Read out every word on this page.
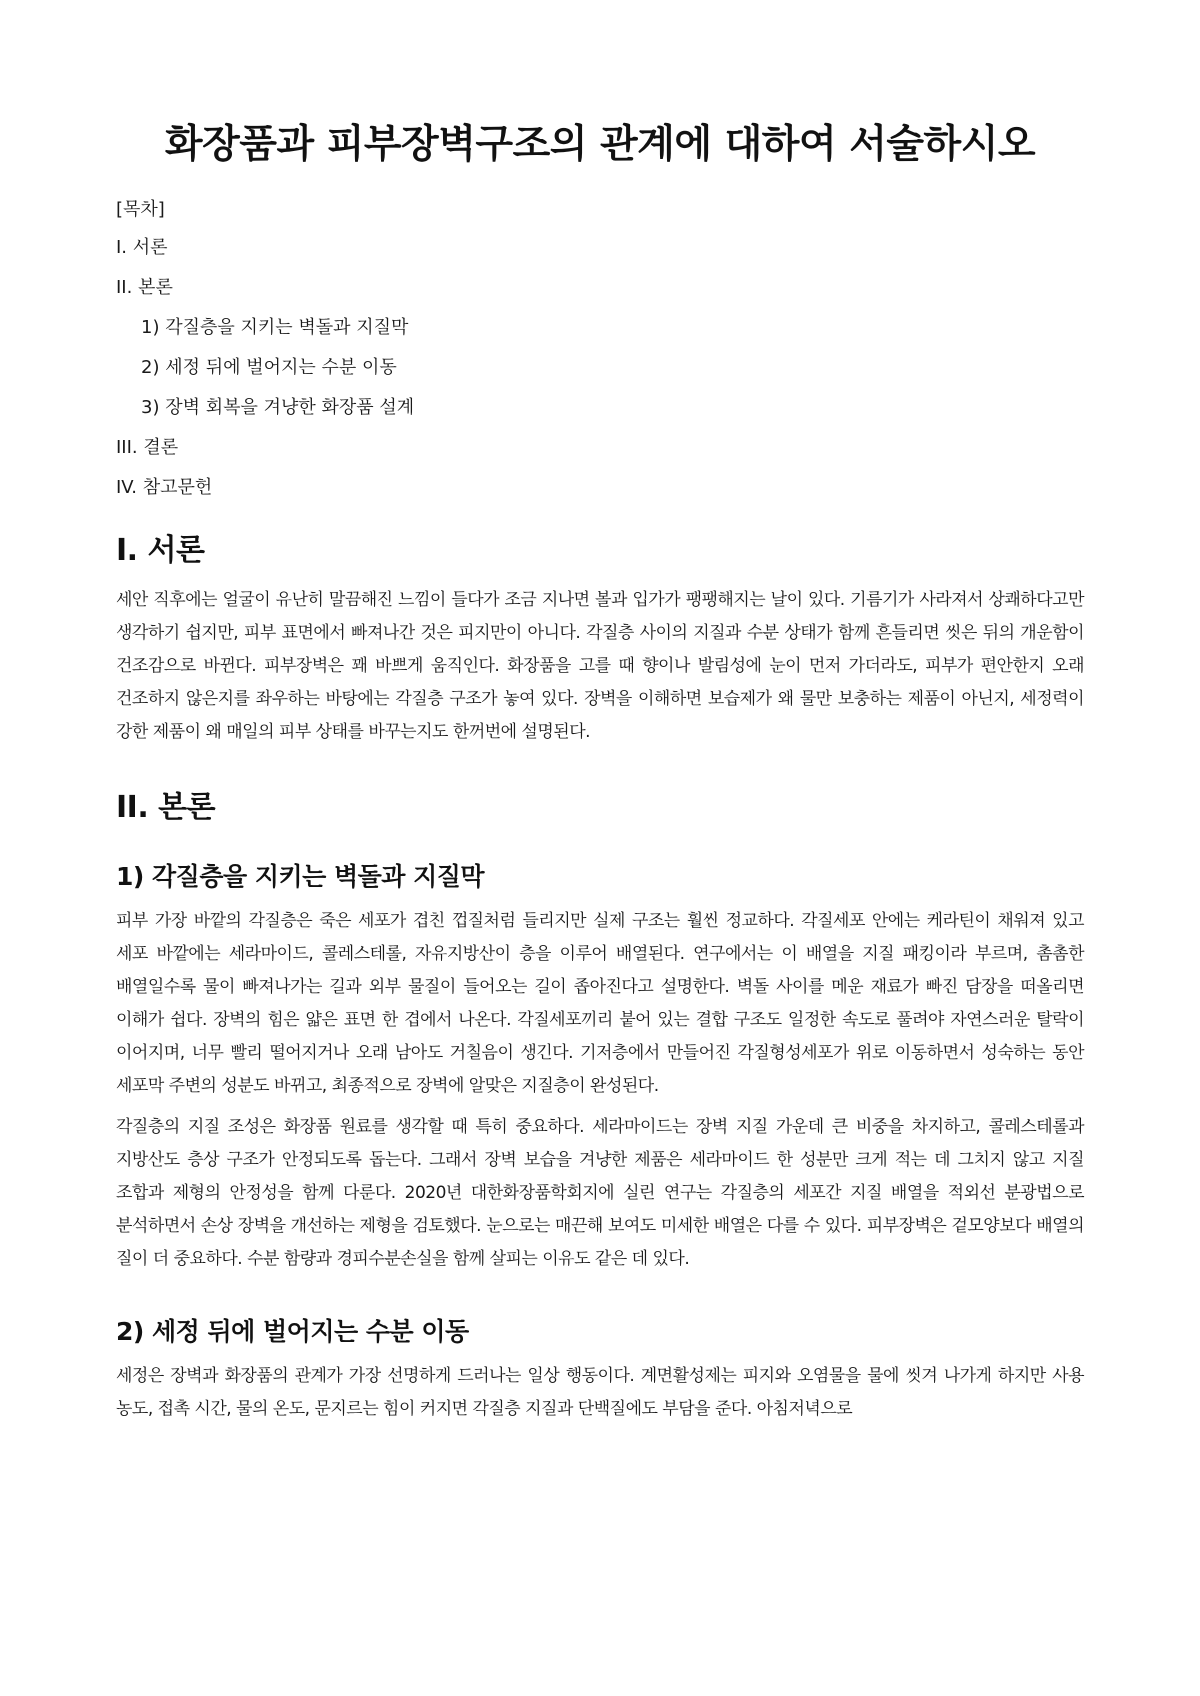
화장품과 피부장벽구조의 관계에 대하여 서술하시오
[목차]
I. 서론
II. 본론
1) 각질층을 지키는 벽돌과 지질막
2) 세정 뒤에 벌어지는 수분 이동
3) 장벽 회복을 겨냥한 화장품 설계
III. 결론
IV. 참고문헌
I. 서론

세안 직후에는 얼굴이 유난히 말끔해진 느낌이 들다가 조금 지나면 볼과 입가가 팽팽해지는 날이 있다. 기름기가 사라져서 상쾌하다고만 생각하기 쉽지만, 피부 표면에서 빠져나간 것은 피지만이 아니다. 각질층 사이의 지질과 수분 상태가 함께 흔들리면 씻은 뒤의 개운함이 건조감으로 바뀐다. 피부장벽은 꽤 바쁘게 움직인다. 화장품을 고를 때 향이나 발림성에 눈이 먼저 가더라도, 피부가 편안한지 오래 건조하지 않은지를 좌우하는 바탕에는 각질층 구조가 놓여 있다. 장벽을 이해하면 보습제가 왜 물만 보충하는 제품이 아닌지, 세정력이 강한 제품이 왜 매일의 피부 상태를 바꾸는지도 한꺼번에 설명된다.

II. 본론
1) 각질층을 지키는 벽돌과 지질막

피부 가장 바깥의 각질층은 죽은 세포가 겹친 껍질처럼 들리지만 실제 구조는 훨씬 정교하다. 각질세포 안에는 케라틴이 채워져 있고 세포 바깥에는 세라마이드, 콜레스테롤, 자유지방산이 층을 이루어 배열된다. 연구에서는 이 배열을 지질 패킹이라 부르며, 촘촘한 배열일수록 물이 빠져나가는 길과 외부 물질이 들어오는 길이 좁아진다고 설명한다. 벽돌 사이를 메운 재료가 빠진 담장을 떠올리면 이해가 쉽다. 장벽의 힘은 얇은 표면 한 겹에서 나온다. 각질세포끼리 붙어 있는 결합 구조도 일정한 속도로 풀려야 자연스러운 탈락이 이어지며, 너무 빨리 떨어지거나 오래 남아도 거칠음이 생긴다. 기저층에서 만들어진 각질형성세포가 위로 이동하면서 성숙하는 동안 세포막 주변의 성분도 바뀌고, 최종적으로 장벽에 알맞은 지질층이 완성된다.

각질층의 지질 조성은 화장품 원료를 생각할 때 특히 중요하다. 세라마이드는 장벽 지질 가운데 큰 비중을 차지하고, 콜레스테롤과 지방산도 층상 구조가 안정되도록 돕는다. 그래서 장벽 보습을 겨냥한 제품은 세라마이드 한 성분만 크게 적는 데 그치지 않고 지질 조합과 제형의 안정성을 함께 다룬다. 2020년 대한화장품학회지에 실린 연구는 각질층의 세포간 지질 배열을 적외선 분광법으로 분석하면서 손상 장벽을 개선하는 제형을 검토했다. 눈으로는 매끈해 보여도 미세한 배열은 다를 수 있다. 피부장벽은 겉모양보다 배열의 질이 더 중요하다. 수분 함량과 경피수분손실을 함께 살피는 이유도 같은 데 있다.

2) 세정 뒤에 벌어지는 수분 이동

세정은 장벽과 화장품의 관계가 가장 선명하게 드러나는 일상 행동이다. 계면활성제는 피지와 오염물을 물에 씻겨 나가게 하지만 사용 농도, 접촉 시간, 물의 온도, 문지르는 힘이 커지면 각질층 지질과 단백질에도 부담을 준다. 아침저녁으로
